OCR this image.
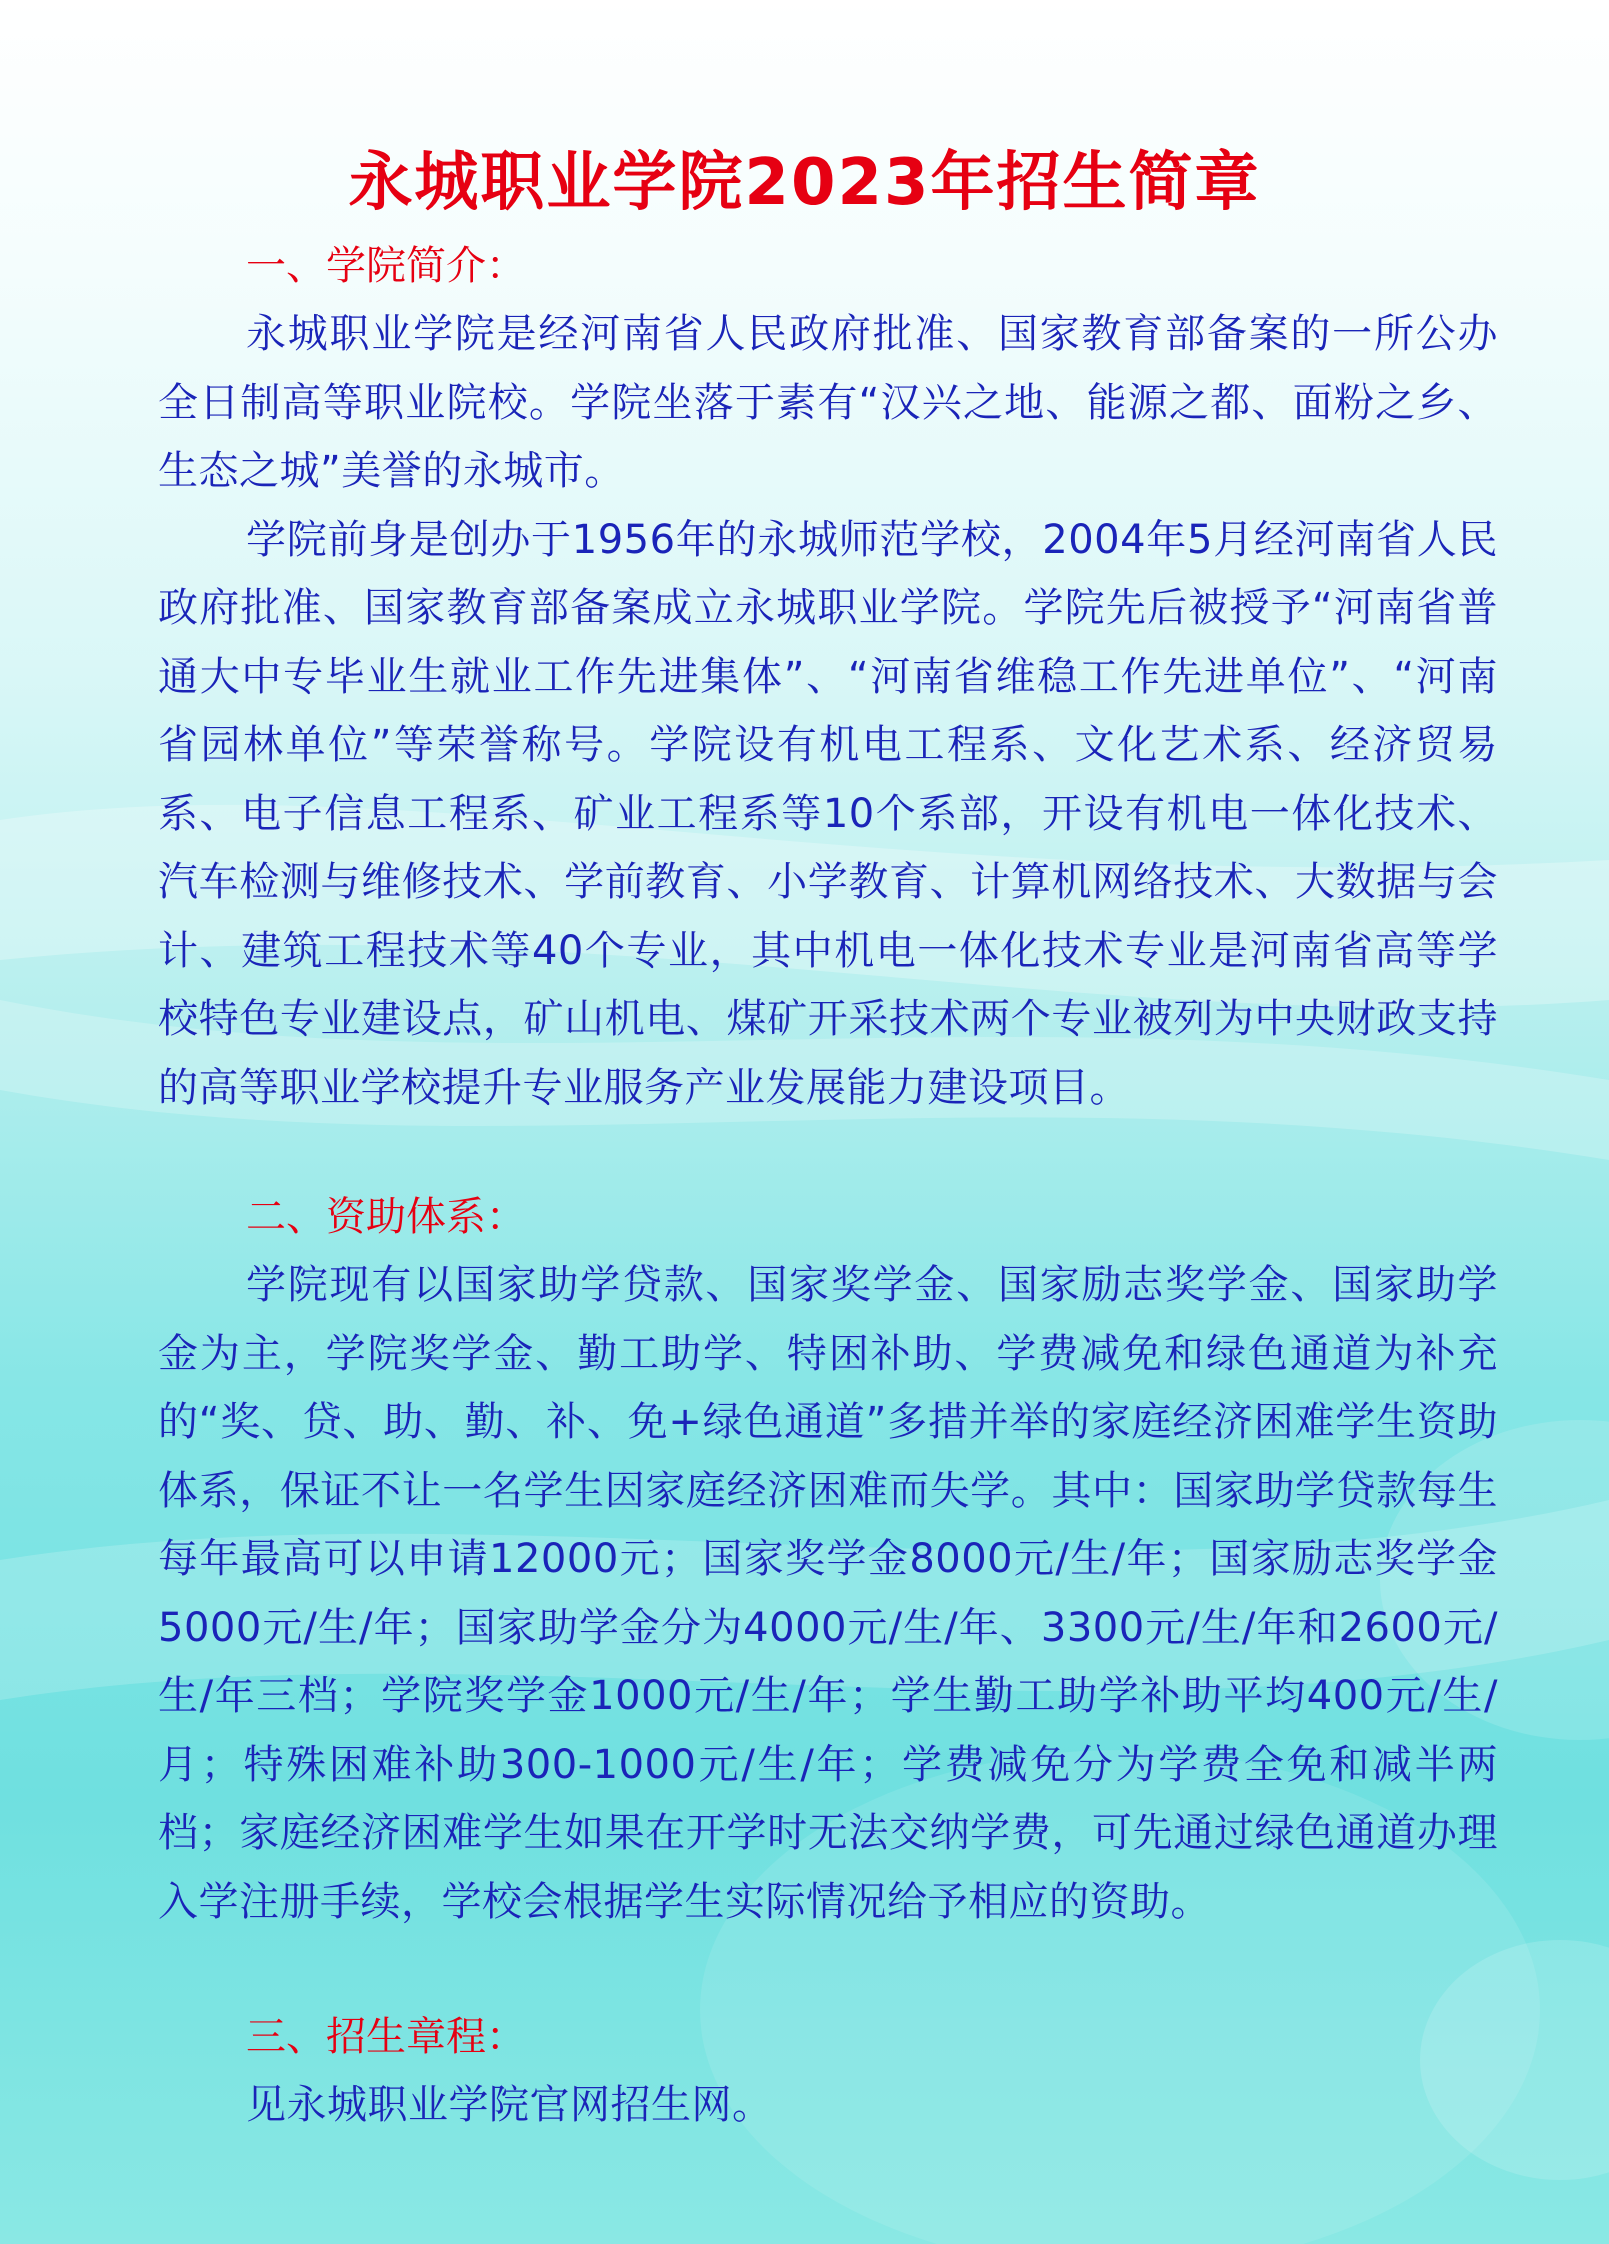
永城职业学院2023年招生简章

一、学院简介：

永城职业学院是经河南省人民政府批准、国家教育部备案的一所公办全日制高等职业院校。学院坐落于素有“汉兴之地、能源之都、面粉之乡、生态之城”美誉的永城市。

学院前身是创办于1956年的永城师范学校，2004年5月经河南省人民政府批准、国家教育部备案成立永城职业学院。学院先后被授予“河南省普通大中专毕业生就业工作先进集体”、“河南省维稳工作先进单位”、“河南省园林单位”等荣誉称号。学院设有机电工程系、文化艺术系、经济贸易系、电子信息工程系、矿业工程系等10个系部，开设有机电一体化技术、汽车检测与维修技术、学前教育、小学教育、计算机网络技术、大数据与会计、建筑工程技术等40个专业，其中机电一体化技术专业是河南省高等学校特色专业建设点，矿山机电、煤矿开采技术两个专业被列为中央财政支持的高等职业学校提升专业服务产业发展能力建设项目。

二、资助体系：

学院现有以国家助学贷款、国家奖学金、国家励志奖学金、国家助学金为主，学院奖学金、勤工助学、特困补助、学费减免和绿色通道为补充的“奖、贷、助、勤、补、免+绿色通道”多措并举的家庭经济困难学生资助体系，保证不让一名学生因家庭经济困难而失学。其中：国家助学贷款每生每年最高可以申请12000元；国家奖学金8000元/生/年；国家励志奖学金5000元/生/年；国家助学金分为4000元/生/年、3300元/生/年和2600元/生/年三档；学院奖学金1000元/生/年；学生勤工助学补助平均400元/生/月；特殊困难补助300-1000元/生/年；学费减免分为学费全免和减半两档；家庭经济困难学生如果在开学时无法交纳学费，可先通过绿色通道办理入学注册手续，学校会根据学生实际情况给予相应的资助。

三、招生章程：

见永城职业学院官网招生网。
